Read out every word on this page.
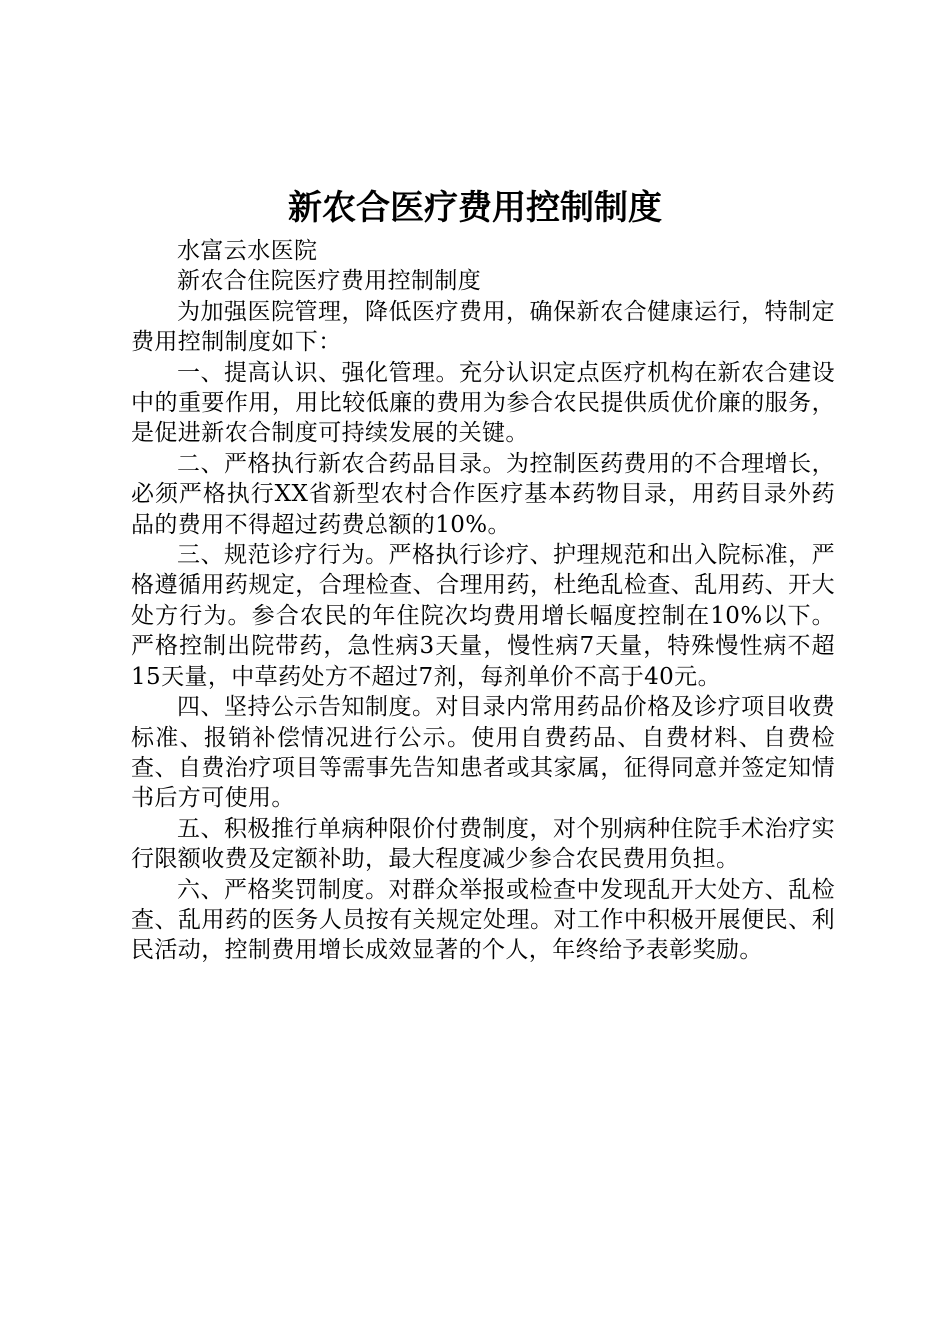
新农合医疗费用控制制度

水富云水医院

新农合住院医疗费用控制制度

为加强医院管理，降低医疗费用，确保新农合健康运行，特制定费用控制制度如下：

一、提高认识、强化管理。充分认识定点医疗机构在新农合建设中的重要作用，用比较低廉的费用为参合农民提供质优价廉的服务，是促进新农合制度可持续发展的关键。

二、严格执行新农合药品目录。为控制医药费用的不合理增长，必须严格执行XX省新型农村合作医疗基本药物目录，用药目录外药品的费用不得超过药费总额的10%。

三、规范诊疗行为。严格执行诊疗、护理规范和出入院标准，严格遵循用药规定，合理检查、合理用药，杜绝乱检查、乱用药、开大处方行为。参合农民的年住院次均费用增长幅度控制在10%以下。严格控制出院带药，急性病3天量，慢性病7天量，特殊慢性病不超15天量，中草药处方不超过7剂，每剂单价不高于40元。

四、坚持公示告知制度。对目录内常用药品价格及诊疗项目收费标准、报销补偿情况进行公示。使用自费药品、自费材料、自费检查、自费治疗项目等需事先告知患者或其家属，征得同意并签定知情书后方可使用。

五、积极推行单病种限价付费制度，对个别病种住院手术治疗实行限额收费及定额补助，最大程度减少参合农民费用负担。

六、严格奖罚制度。对群众举报或检查中发现乱开大处方、乱检查、乱用药的医务人员按有关规定处理。对工作中积极开展便民、利民活动，控制费用增长成效显著的个人，年终给予表彰奖励。
